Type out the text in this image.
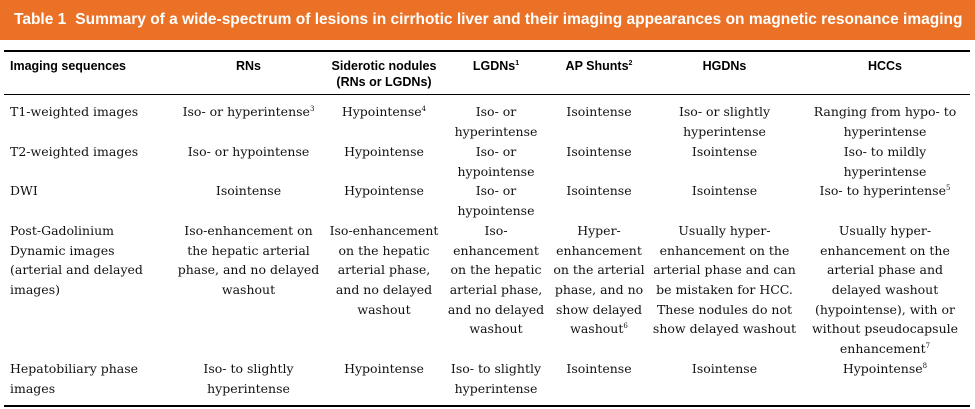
Table 1 Summary of a wide-spectrum of lesions in cirrhotic liver and their imaging appearances on magnetic resonance imaging
Imaging sequences	RNs	Siderotic nodules (RNs or LGDNs)	LGDNs$^1$	AP Shunts$^2$	HGDNs	HCCs

T1-weighted images	Iso- or hyperintense$^3$	Hypointense$^4$	Iso- or hyperintense	Isointense	Iso- or slightly hyperintense	Ranging from hypo- to hyperintense
T2-weighted images	Iso- or hypointense	Hypointense	Iso- or hypointense	Isointense	Isointense	Iso- to mildly hyperintense
DWI	Isointense	Hypointense	Iso- or hypointense	Isointense	Isointense	Iso- to hyperintense$^5$
Post-Gadolinium Dynamic images (arterial and delayed images)	Iso-enhancement on the hepatic arterial phase, and no delayed washout	Iso-enhancement on the hepatic arterial phase, and no delayed washout	Iso-enhancement on the hepatic arterial phase, and no delayed washout	Hyper-enhancement on the arterial phase, and no show delayed washout$^6$	Usually hyper-enhancement on the arterial phase and can be mistaken for HCC. These nodules do not show delayed washout	Usually hyper-enhancement on the arterial phase and delayed washout (hypointense), with or without pseudocapsule enhancement$^7$
Hepatobiliary phase images	Iso- to slightly hyperintense	Hypointense	Iso- to slightly hyperintense	Isointense	Isointense	Hypointense$^8$
